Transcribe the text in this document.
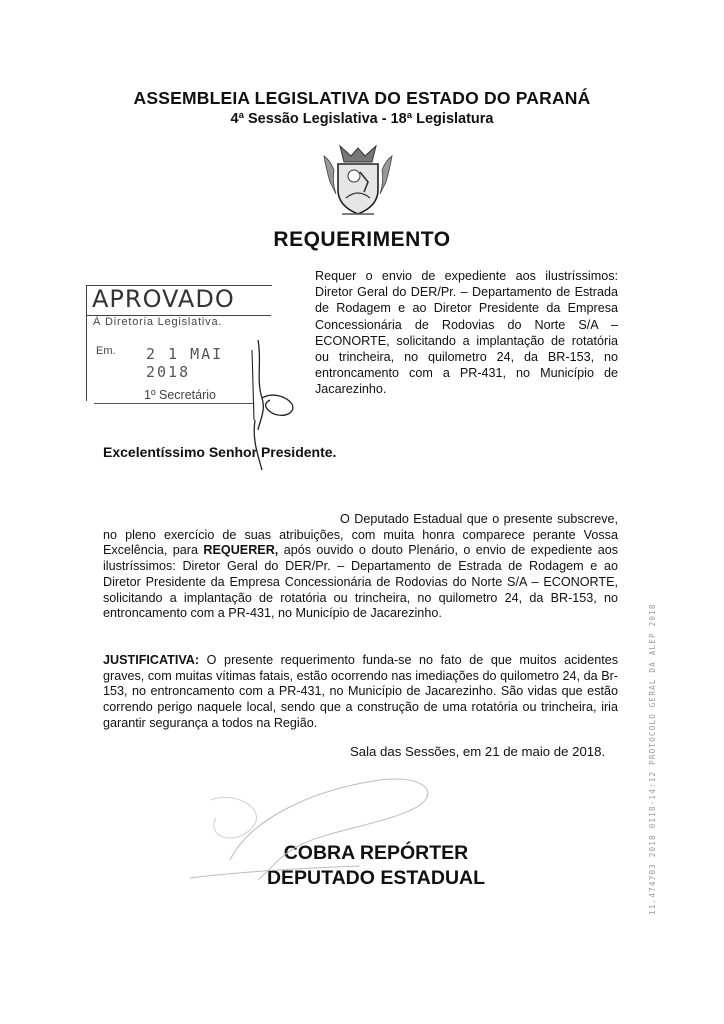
ASSEMBLEIA LEGISLATIVA DO ESTADO DO PARANÁ
4ª Sessão Legislativa - 18ª Legislatura
REQUERIMENTO
Requer o envio de expediente aos ilustríssimos: Diretor Geral do DER/Pr. – Departamento de Estrada de Rodagem e ao Diretor Presidente da Empresa Concessionária de Rodovias do Norte S/A – ECONORTE, solicitando a implantação de rotatória ou trincheira, no quilometro 24, da BR-153, no entroncamento com a PR-431, no Município de Jacarezinho.
APROVADO
À Diretoria Legislativa.
Em. 2 1 MAI 2018
1º Secretário
Excelentíssimo Senhor Presidente.
O Deputado Estadual que o presente subscreve, no pleno exercício de suas atribuições, com muita honra comparece perante Vossa Excelência, para REQUERER, após ouvido o douto Plenário, o envio de expediente aos ilustríssimos: Diretor Geral do DER/Pr. – Departamento de Estrada de Rodagem e ao Diretor Presidente da Empresa Concessionária de Rodovias do Norte S/A – ECONORTE, solicitando a implantação de rotatória ou trincheira, no quilometro 24, da BR-153, no entroncamento com a PR-431, no Município de Jacarezinho.
JUSTIFICATIVA: O presente requerimento funda-se no fato de que muitos acidentes graves, com muitas vítimas fatais, estão ocorrendo nas imediações do quilometro 24, da Br-153, no entroncamento com a PR-431, no Município de Jacarezinho. São vidas que estão correndo perigo naquele local, sendo que a construção de uma rotatória ou trincheira, iria garantir segurança a todos na Região.
Sala das Sessões, em 21 de maio de 2018.
COBRA REPÓRTER
DEPUTADO ESTADUAL	11.474703 2018 0118-14:12 PROTOCOLO GERAL DA ALEP 2018
